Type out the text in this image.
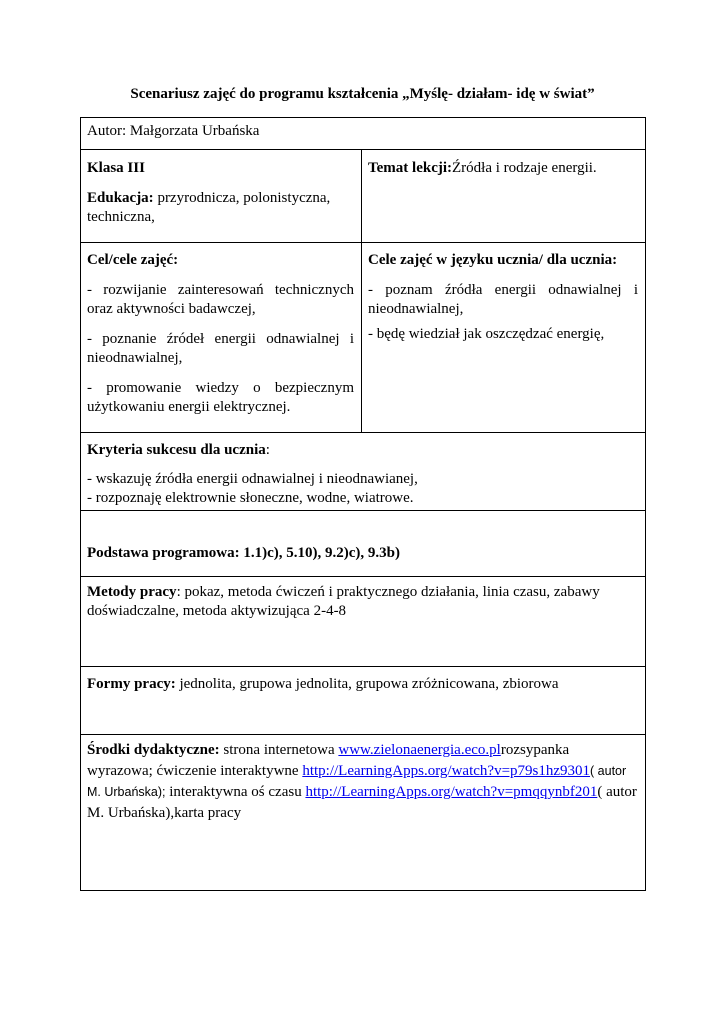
Scenariusz zajęć do programu kształcenia „Myślę- działam- idę w świat”
Autor: Małgorzata Urbańska

Klasa III

Edukacja: przyrodnicza, polonistyczna, techniczna,

Temat lekcji:Źródła i rodzaje energii.

Cel/cele zajęć:

- rozwijanie zainteresowań technicznych oraz aktywności badawczej,

- poznanie źródeł energii odnawialnej i nieodnawialnej,

- promowanie wiedzy o bezpiecznym użytkowaniu energii elektrycznej.

Cele zajęć w języku ucznia/ dla ucznia:

- poznam źródła energii odnawialnej i nieodnawialnej,

- będę wiedział jak oszczędzać energię,

Kryteria sukcesu dla ucznia:

- wskazuję źródła energii odnawialnej i nieodnawianej,

- rozpoznaję elektrownie słoneczne, wodne, wiatrowe.

Podstawa programowa: 1.1)c), 5.10), 9.2)c), 9.3b)

Metody pracy: pokaz, metoda ćwiczeń i praktycznego działania, linia czasu, zabawy doświadczalne, metoda aktywizująca 2-4-8

Formy pracy: jednolita, grupowa jednolita, grupowa zróżnicowana, zbiorowa

Środki dydaktyczne: strona internetowa www.zielonaenergia.eco.plrozsypanka wyrazowa; ćwiczenie interaktywne http://LearningApps.org/watch?v=p79s1hz9301( autor M. Urbańska); interaktywna oś czasu http://LearningApps.org/watch?v=pmqqynbf201( autor M. Urbańska),karta pracy
